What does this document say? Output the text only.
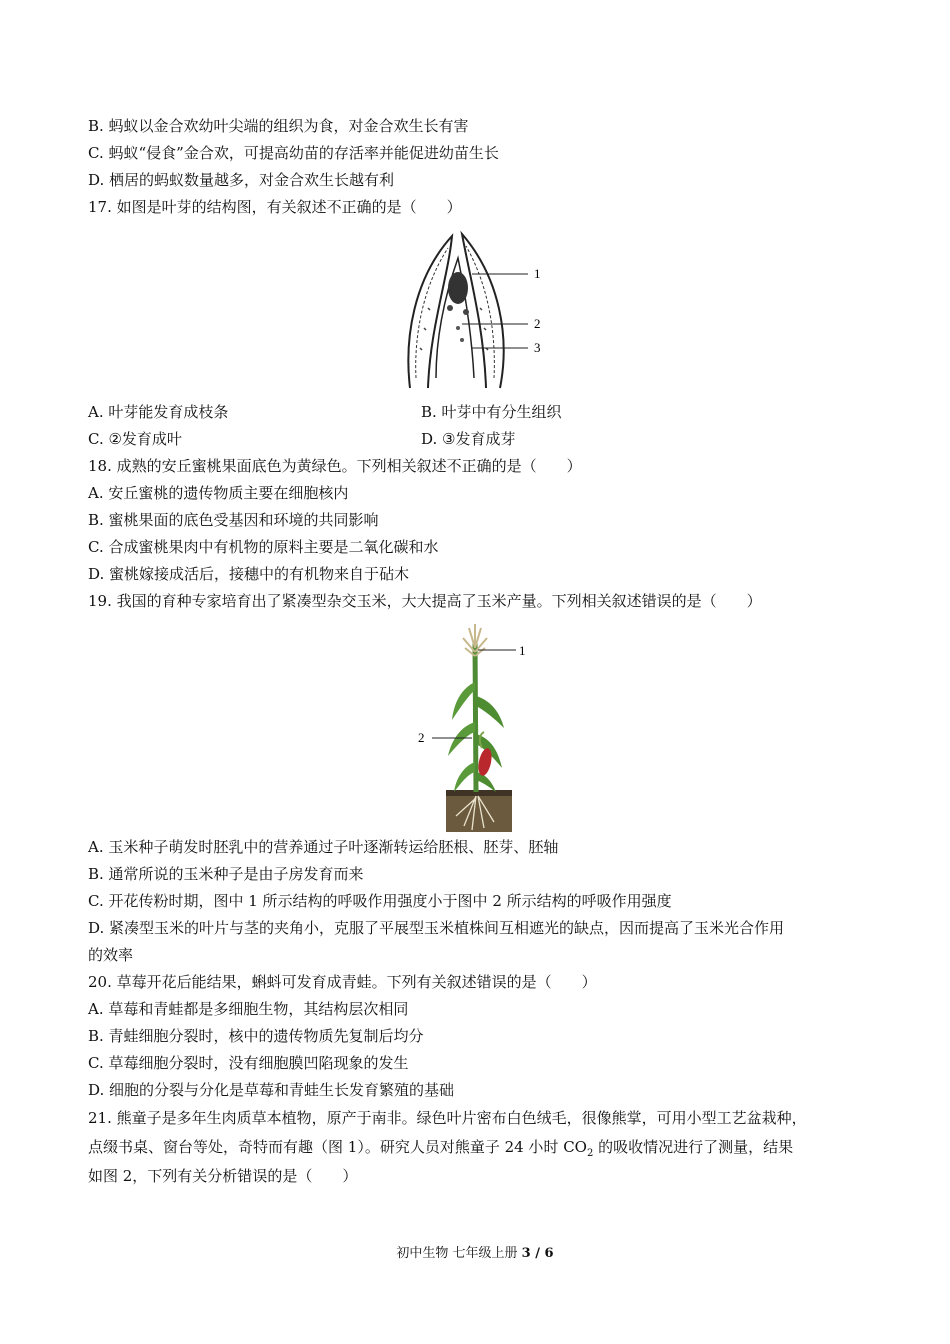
B. 蚂蚁以金合欢幼叶尖端的组织为食，对金合欢生长有害
C. 蚂蚁“侵食”金合欢，可提高幼苗的存活率并能促进幼苗生长
D. 栖居的蚂蚁数量越多，对金合欢生长越有利
17. 如图是叶芽的结构图，有关叙述不正确的是（　　）
1
2
3
A. 叶芽能发育成枝条	B. 叶芽中有分生组织
C. ②发育成叶	D. ③发育成芽
18. 成熟的安丘蜜桃果面底色为黄绿色。下列相关叙述不正确的是（　　）
A. 安丘蜜桃的遗传物质主要在细胞核内
B. 蜜桃果面的底色受基因和环境的共同影响
C. 合成蜜桃果肉中有机物的原料主要是二氧化碳和水
D. 蜜桃嫁接成活后，接穗中的有机物来自于砧木
19. 我国的育种专家培育出了紧凑型杂交玉米，大大提高了玉米产量。下列相关叙述错误的是（　　）
1
2
A. 玉米种子萌发时胚乳中的营养通过子叶逐渐转运给胚根、胚芽、胚轴
B. 通常所说的玉米种子是由子房发育而来
C. 开花传粉时期，图中 1 所示结构的呼吸作用强度小于图中 2 所示结构的呼吸作用强度
D. 紧凑型玉米的叶片与茎的夹角小，克服了平展型玉米植株间互相遮光的缺点，因而提高了玉米光合作用
的效率
20. 草莓开花后能结果，蝌蚪可发育成青蛙。下列有关叙述错误的是（　　）
A. 草莓和青蛙都是多细胞生物，其结构层次相同
B. 青蛙细胞分裂时，核中的遗传物质先复制后均分
C. 草莓细胞分裂时，没有细胞膜凹陷现象的发生
D. 细胞的分裂与分化是草莓和青蛙生长发育繁殖的基础
21. 熊童子是多年生肉质草本植物，原产于南非。绿色叶片密布白色绒毛，很像熊掌，可用小型工艺盆栽种，
点缀书桌、窗台等处，奇特而有趣（图 1）。研究人员对熊童子 24 小时 $CO_2$ 的吸收情况进行了测量，结果
如图 2，下列有关分析错误的是（　　）
初中生物 七年级上册 3 / 6
